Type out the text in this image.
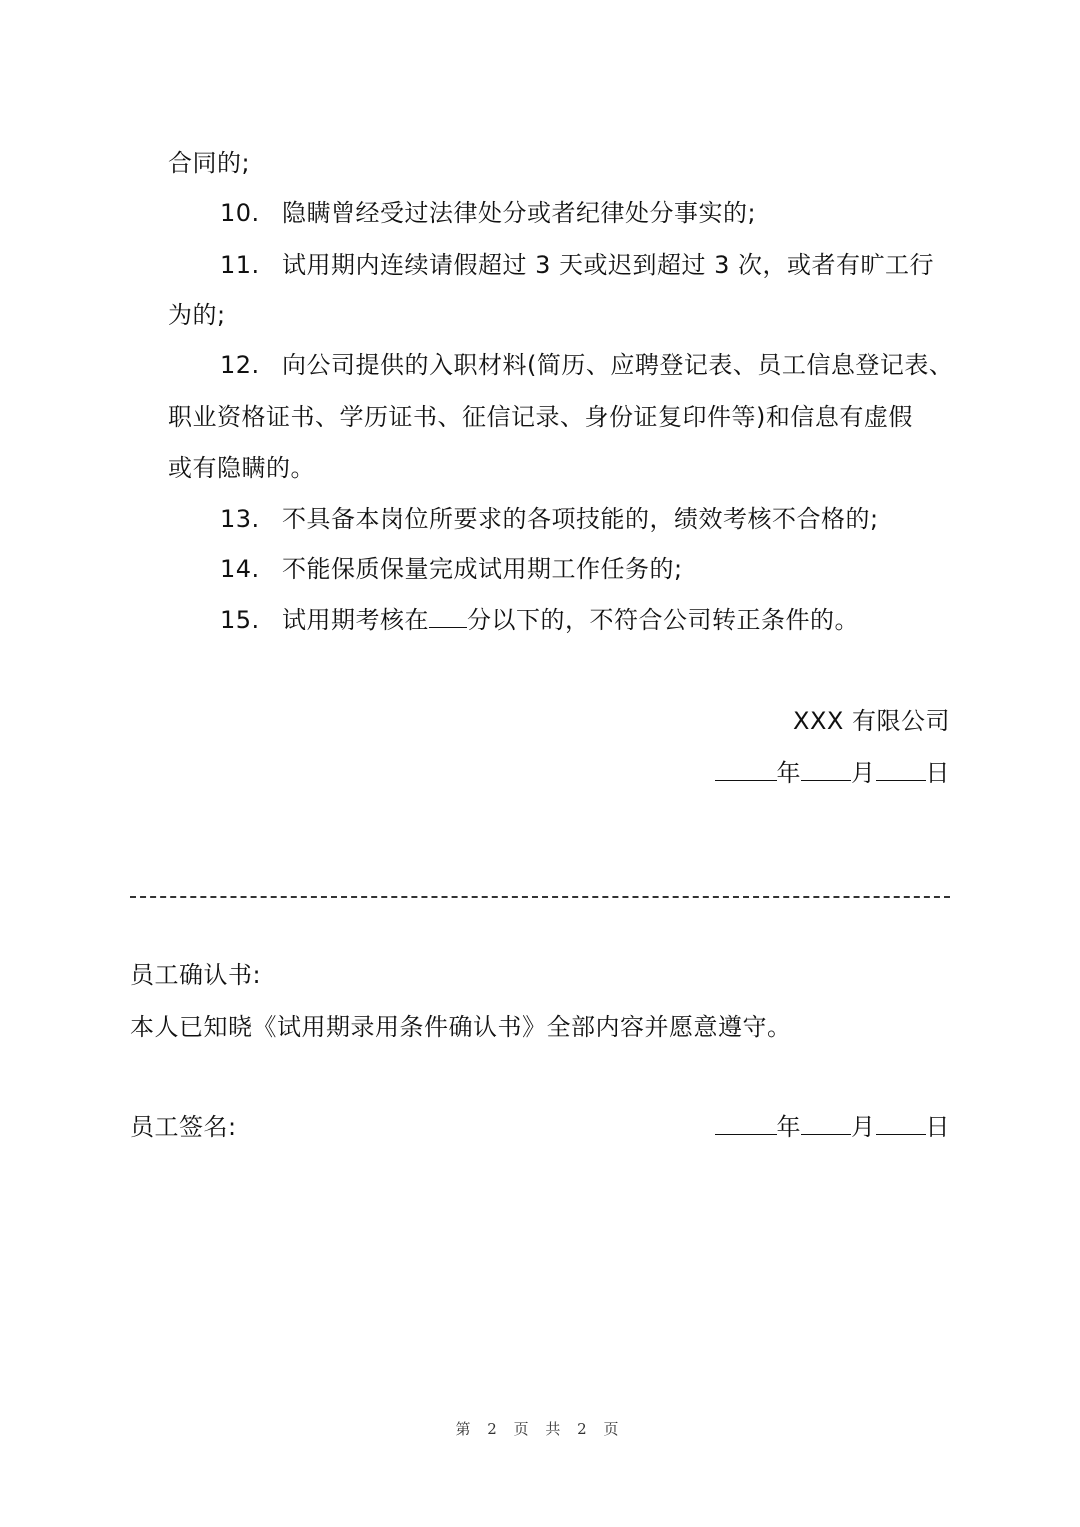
合同的;
10. 隐瞒曾经受过法律处分或者纪律处分事实的;
11. 试用期内连续请假超过 3 天或迟到超过 3 次，或者有旷工行
为的;
12. 向公司提供的入职材料(简历、应聘登记表、员工信息登记表、
职业资格证书、学历证书、征信记录、身份证复印件等)和信息有虚假
或有隐瞒的。
13. 不具备本岗位所要求的各项技能的，绩效考核不合格的;
14. 不能保质保量完成试用期工作任务的;
15. 试用期考核在 分以下的，不符合公司转正条件的。
XXX 有限公司
年 月 日
员工确认书:
本人已知晓《试用期录用条件确认书》全部内容并愿意遵守。
员工签名:	年 月 日
第 2 页 共 2 页
